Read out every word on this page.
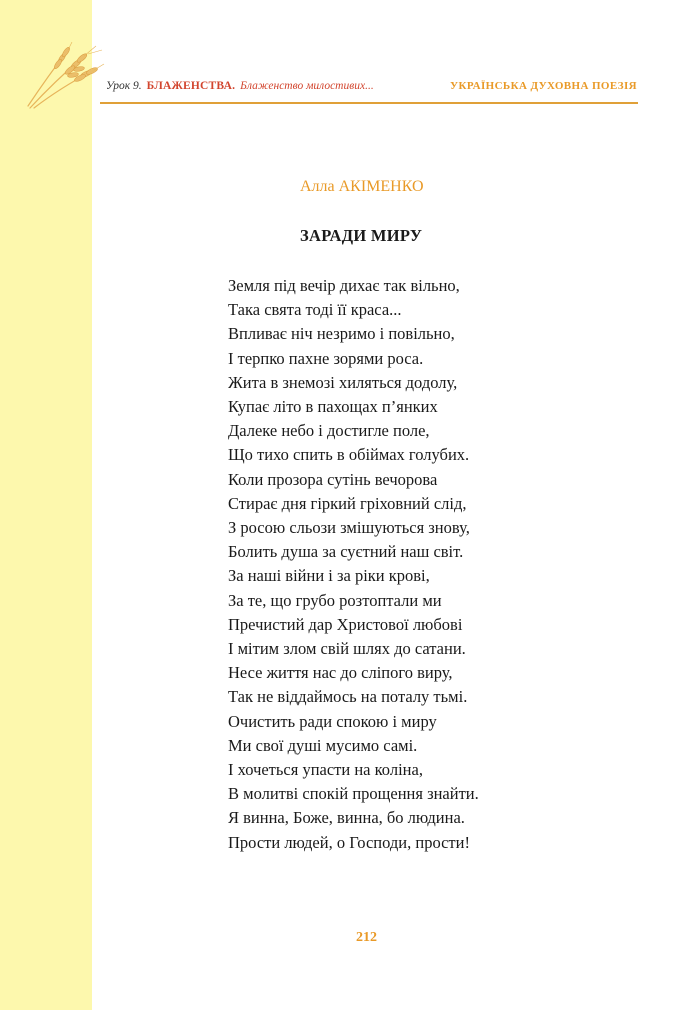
Урок 9. БЛАЖЕНСТВА. Блаженство милостивих...	УКРАЇНСЬКА ДУХОВНА ПОЕЗІЯ
Алла АКІМЕНКО
ЗАРАДИ МИРУ
Земля під вечір дихає так вільно,
Така свята тоді її краса...
Впливає ніч незримо і повільно,
І терпко пахне зорями роса.
Жита в знемозі хиляться додолу,
Купає літо в пахощах п’янких
Далеке небо і достигле поле,
Що тихо спить в обіймах голубих.
Коли прозора сутінь вечорова
Стирає дня гіркий гріховний слід,
З росою сльози змішуються знову,
Болить душа за суєтний наш світ.
За наші війни і за ріки крові,
За те, що грубо розтоптали ми
Пречистий дар Христової любові
І мітим злом свій шлях до сатани.
Несе життя нас до сліпого виру,
Так не віддаймось на поталу тьмі.
Очистить ради спокою і миру
Ми свої душі мусимо самі.
І хочеться упасти на коліна,
В молитві спокій прощення знайти.
Я винна, Боже, винна, бо людина.
Прости людей, о Господи, прости!
212
